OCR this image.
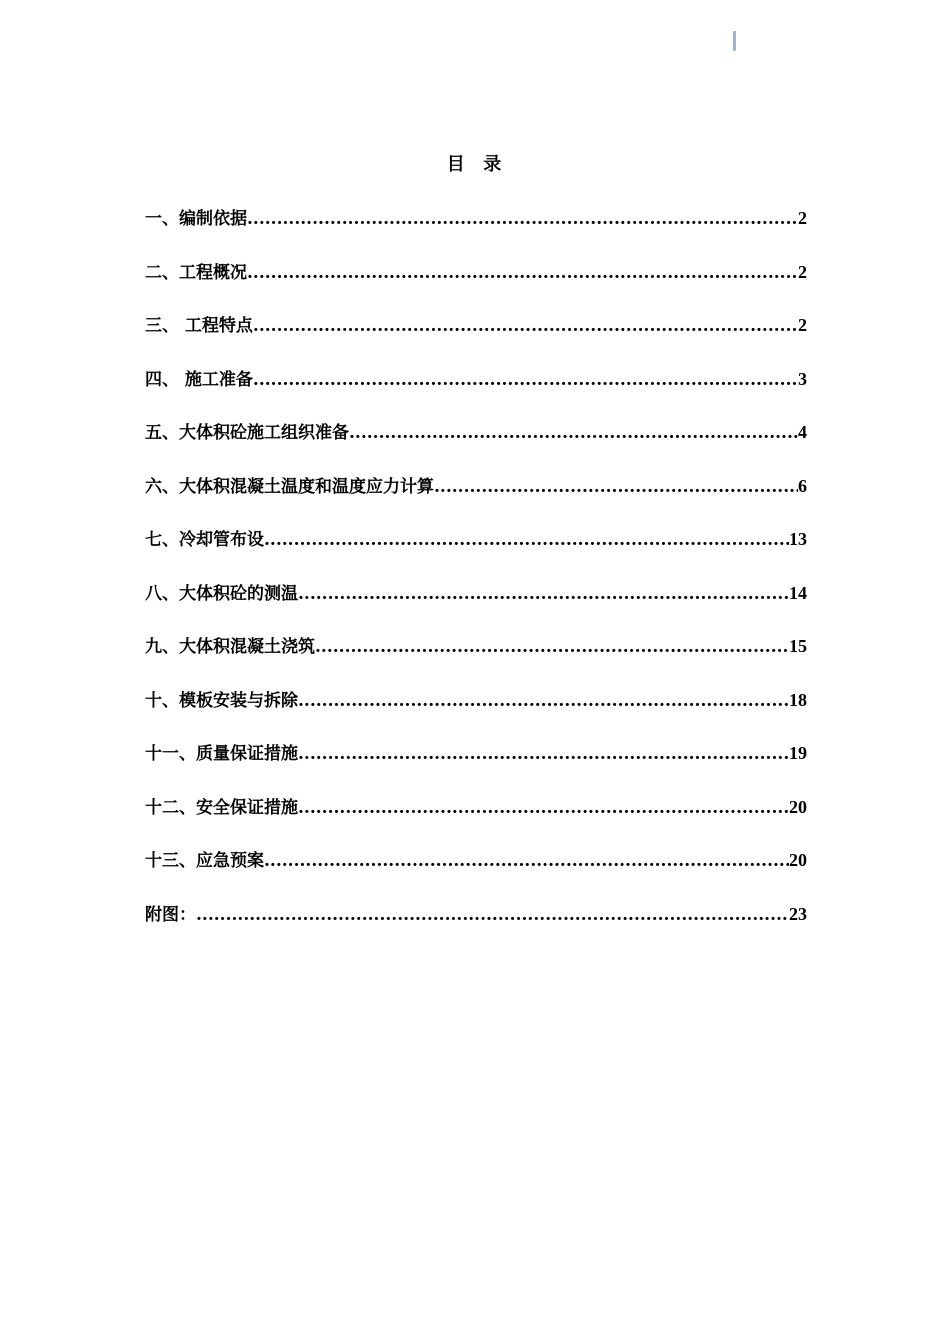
目  录
一、编制依据 .....	2
二、工程概况 .....	2
三、 工程特点 .....	2
四、 施工准备 .....	3
五、大体积砼施工组织准备 .....	4
六、大体积混凝土温度和温度应力计算 .....	6
七、冷却管布设 .....	13
八、大体积砼的测温 .....	14
九、大体积混凝土浇筑 .....	15
十、模板安装与拆除 .....	18
十一、质量保证措施 .....	19
十二、安全保证措施 .....	20
十三、应急预案 .....	20
附图： .....	23
